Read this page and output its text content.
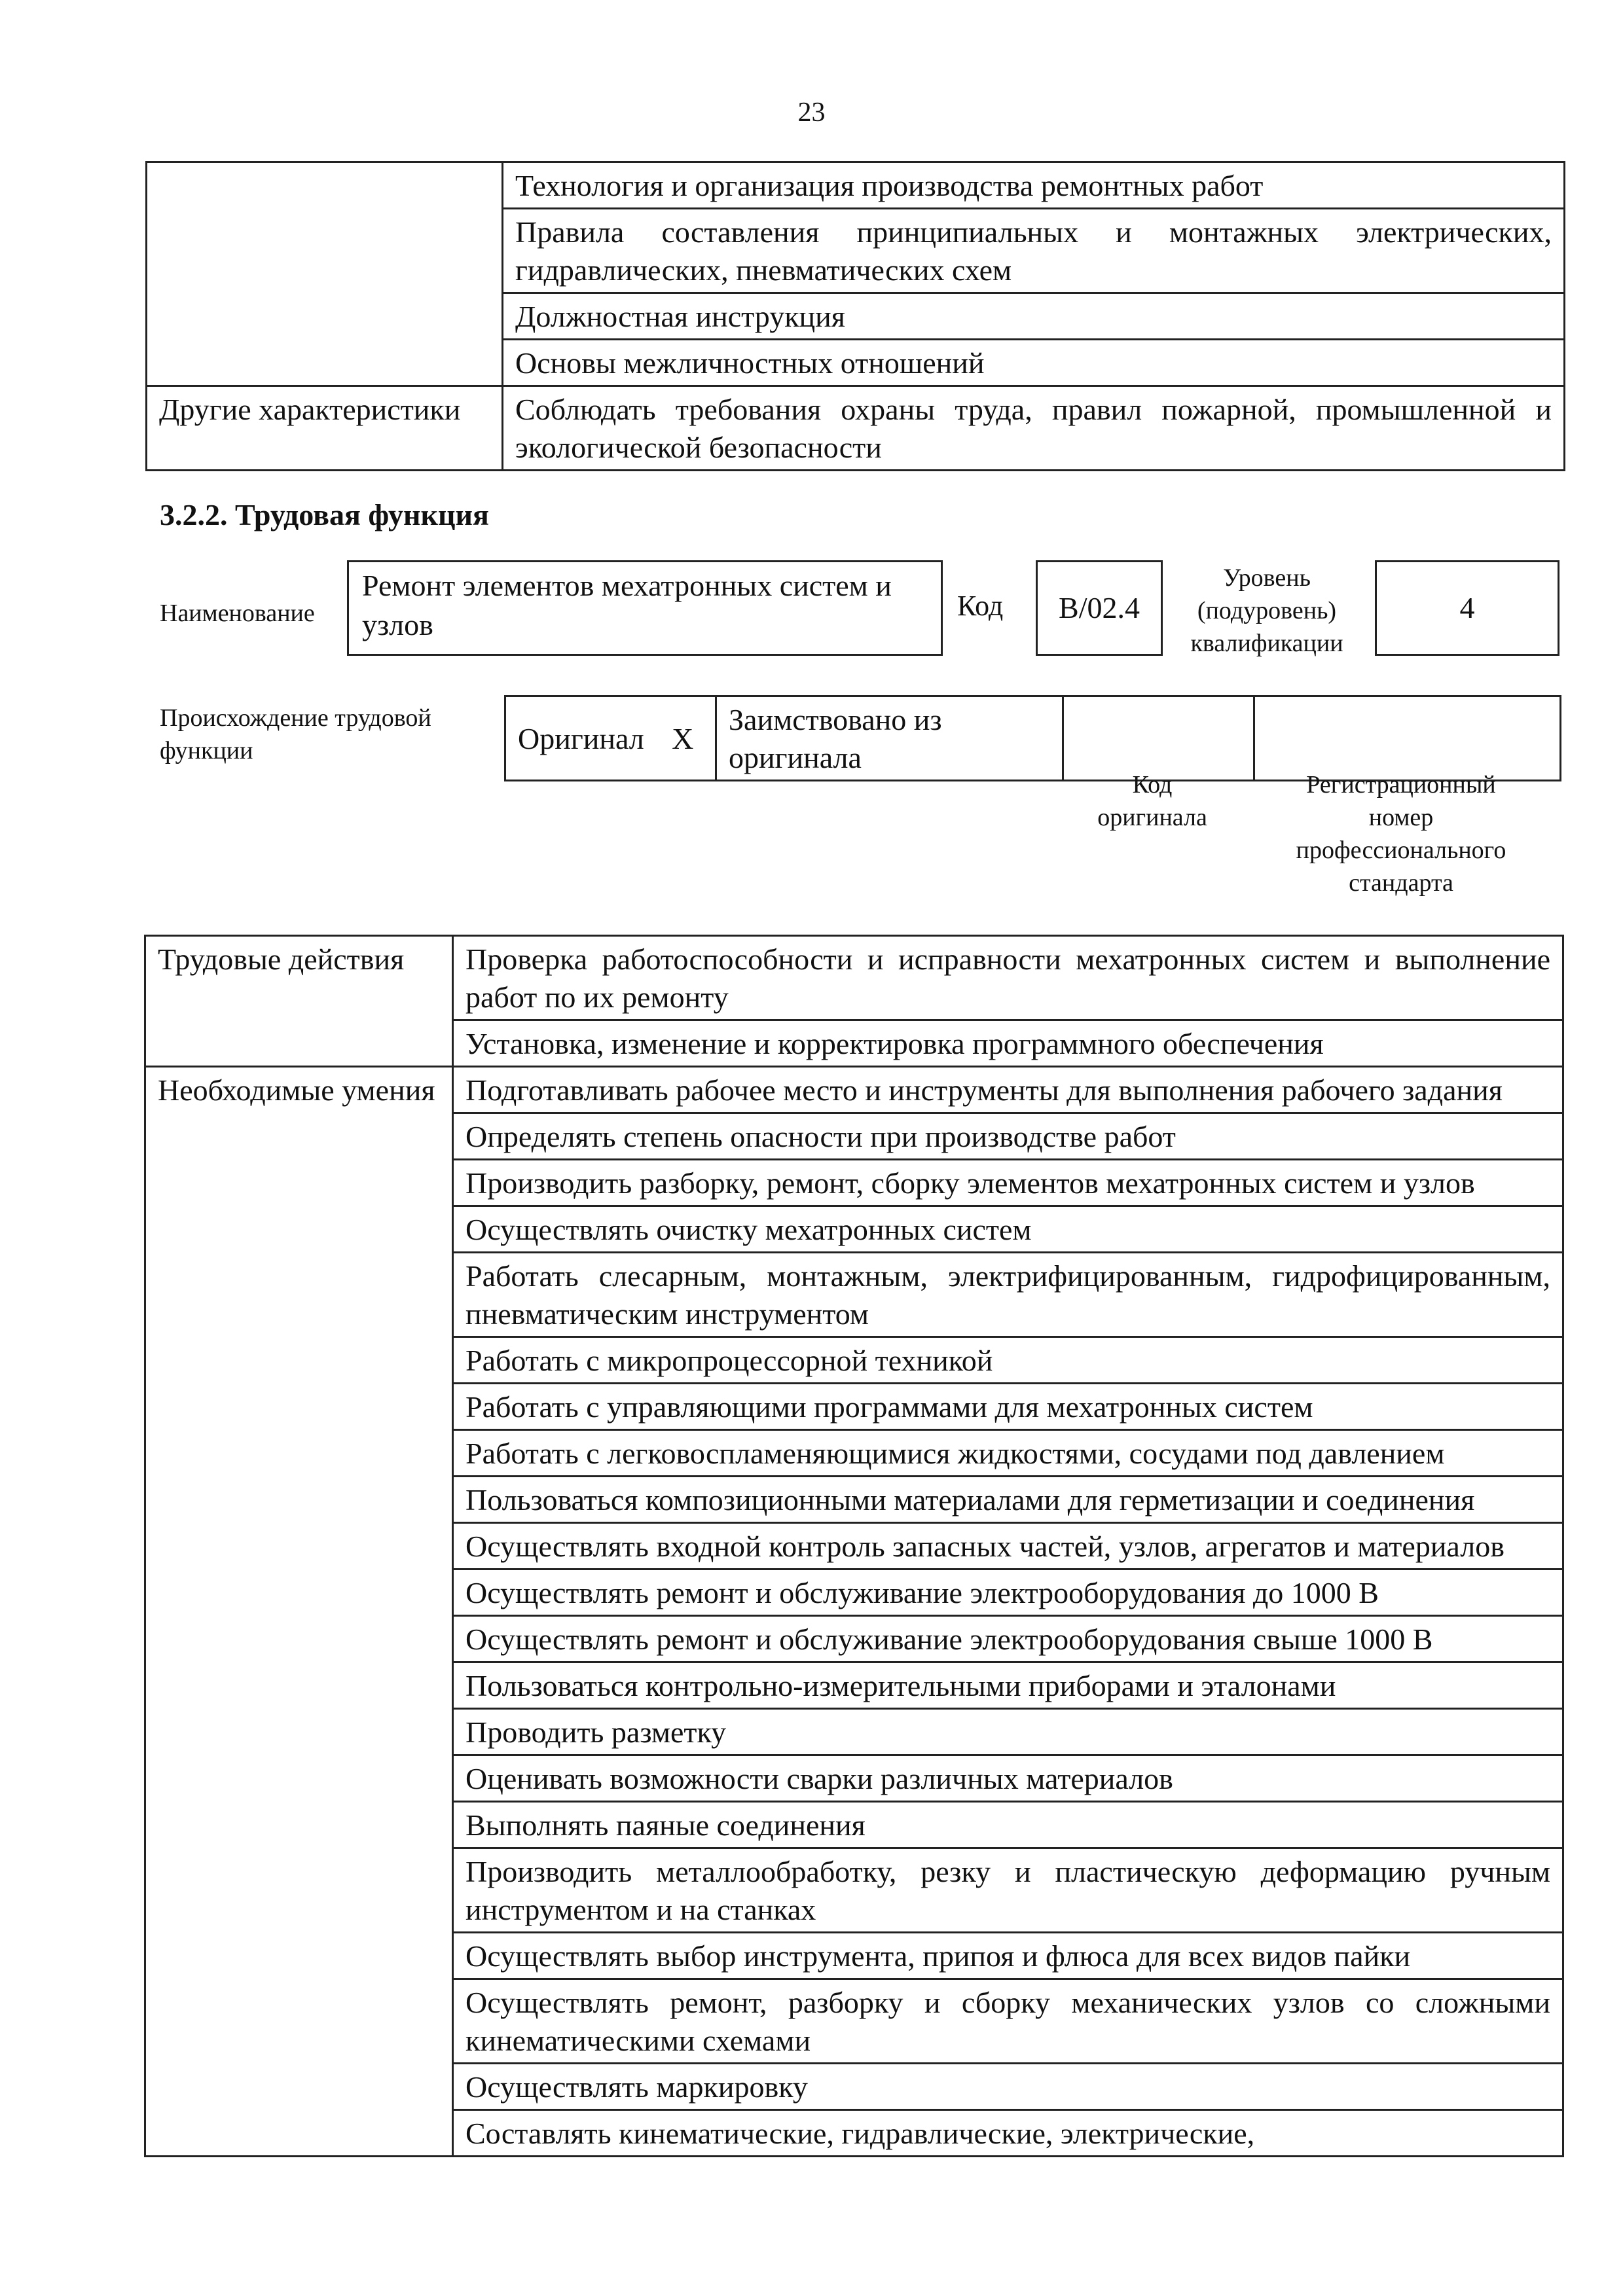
23
	Технология и организация производства ремонтных работ
	Правила составления принципиальных и монтажных электрических, гидравлических, пневматических схем
	Должностная инструкция
	Основы межличностных отношений
Другие характеристики	Соблюдать требования охраны труда, правил пожарной, промышленной и экологической безопасности
3.2.2. Трудовая функция
Наименование
Ремонт элементов мехатронных систем и узлов
Код	В/02.4
Уровень (подуровень) квалификации
4
Происхождение трудовой функции	Оригинал	X	Заимствовано из оригинала		
Код оригинала
Регистрационный номер профессионального стандарта
Трудовые действия	Проверка работоспособности и исправности мехатронных систем и выполнение работ по их ремонту
	Установка, изменение и корректировка программного обеспечения
Необходимые умения	Подготавливать рабочее место и инструменты для выполнения рабочего задания
	Определять степень опасности при производстве работ
	Производить разборку, ремонт, сборку элементов мехатронных систем и узлов
	Осуществлять очистку мехатронных систем
	Работать слесарным, монтажным, электрифицированным, гидрофицированным, пневматическим инструментом
	Работать с микропроцессорной техникой
	Работать с управляющими программами для мехатронных систем
	Работать с легковоспламеняющимися жидкостями, сосудами под давлением
	Пользоваться композиционными материалами для герметизации и соединения
	Осуществлять входной контроль запасных частей, узлов, агрегатов и материалов
	Осуществлять ремонт и обслуживание электрооборудования до 1000 В
	Осуществлять ремонт и обслуживание электрооборудования свыше 1000 В
	Пользоваться контрольно-измерительными приборами и эталонами
	Проводить разметку
	Оценивать возможности сварки различных материалов
	Выполнять паяные соединения
	Производить металлообработку, резку и пластическую деформацию ручным инструментом и на станках
	Осуществлять выбор инструмента, припоя и флюса для всех видов пайки
	Осуществлять ремонт, разборку и сборку механических узлов со сложными кинематическими схемами
	Осуществлять маркировку
	Составлять кинематические, гидравлические, электрические,
